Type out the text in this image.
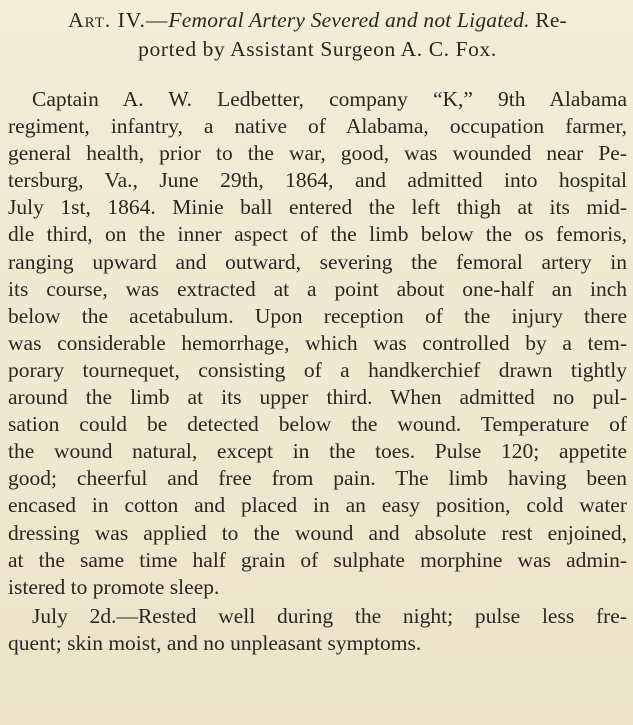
Art. IV.—Femoral Artery Severed and not Ligated. Re-
ported by Assistant Surgeon A. C. Fox.
Captain A. W. Ledbetter, company “K,” 9th Alabama
regiment, infantry, a native of Alabama, occupation farmer,
general health, prior to the war, good, was wounded near Pe-
tersburg, Va., June 29th, 1864, and admitted into hospital
July 1st, 1864. Minie ball entered the left thigh at its mid-
dle third, on the inner aspect of the limb below the os femoris,
ranging upward and outward, severing the femoral artery in
its course, was extracted at a point about one-half an inch
below the acetabulum. Upon reception of the injury there
was considerable hemorrhage, which was controlled by a tem-
porary tournequet, consisting of a handkerchief drawn tightly
around the limb at its upper third. When admitted no pul-
sation could be detected below the wound. Temperature of
the wound natural, except in the toes. Pulse 120; appetite
good; cheerful and free from pain. The limb having been
encased in cotton and placed in an easy position, cold water
dressing was applied to the wound and absolute rest enjoined,
at the same time half grain of sulphate morphine was admin-
istered to promote sleep.
July 2d.—Rested well during the night; pulse less fre-
quent; skin moist, and no unpleasant symptoms.
